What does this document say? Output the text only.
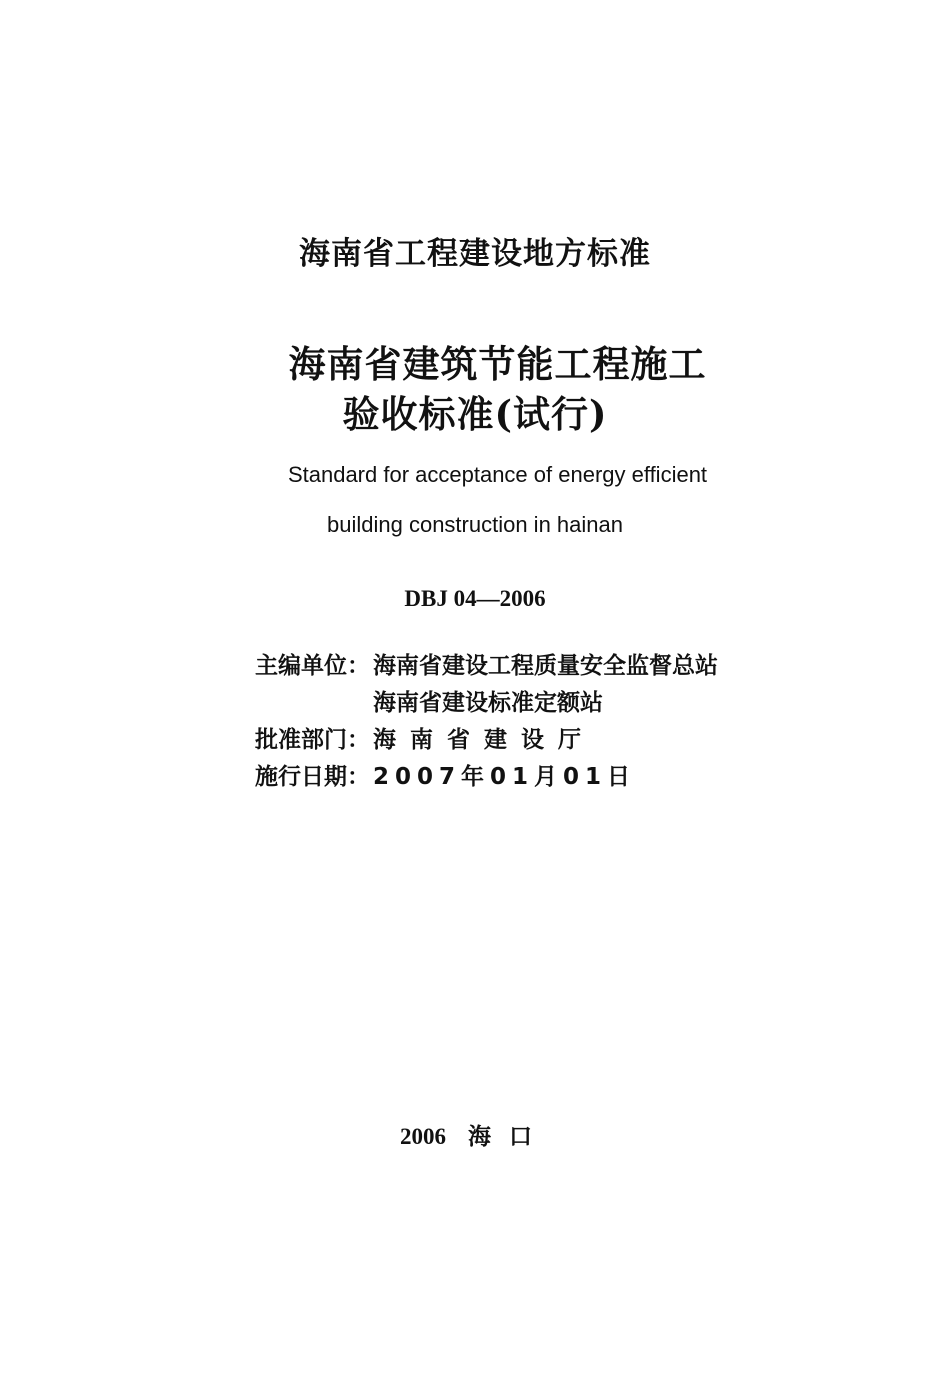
海南省工程建设地方标准
海南省建筑节能工程施工
验收标准(试行)
Standard for acceptance of energy efficient
building construction in hainan
DBJ 04—2006
主编单位： 海南省建设工程质量安全监督总站
海南省建设标准定额站
批准部门： 海南省建设厅
施行日期： 2007年01月01日
2006 海口
